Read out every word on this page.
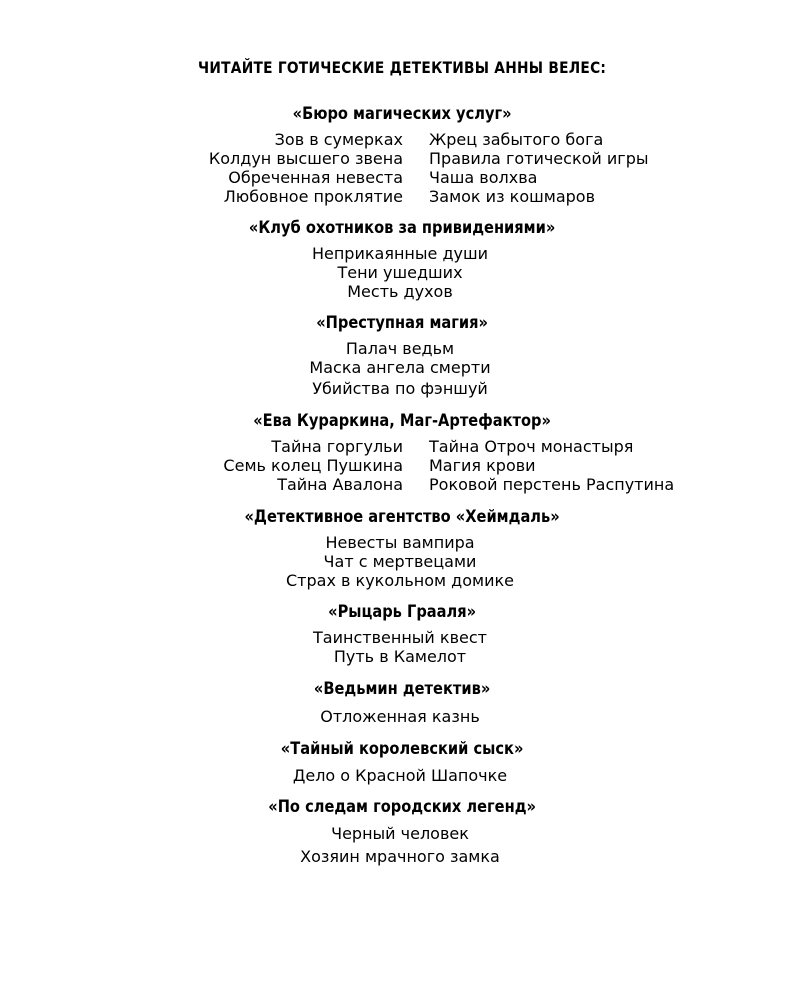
ЧИТАЙТЕ ГОТИЧЕСКИЕ ДЕТЕКТИВЫ АННЫ ВЕЛЕС:
«Бюро магических услуг»
Зов в сумерках Жрец забытого бога
Колдун высшего звена Правила готической игры
Обреченная невеста Чаша волхва
Любовное проклятие Замок из кошмаров
«Клуб охотников за привидениями»
Неприкаянные души
Тени ушедших
Месть духов
«Преступная магия»
Палач ведьм
Маска ангела смерти
Убийства по фэншуй
«Ева Кураpкина, Маг-Артефактор»
Тайна горгульи Тайна Отроч монастыря
Семь колец Пушкина Магия крови
Тайна Авалона Роковой перстень Распутина
«Детективное агентство «Хеймдаль»
Невесты вампира
Чат с мертвецами
Страх в кукольном домике
«Рыцарь Грааля»
Таинственный квест
Путь в Камелот
«Ведьмин детектив»
Отложенная казнь
«Тайный королевский сыск»
Дело о Красной Шапочке
«По следам городских легенд»
Черный человек
Хозяин мрачного замка
